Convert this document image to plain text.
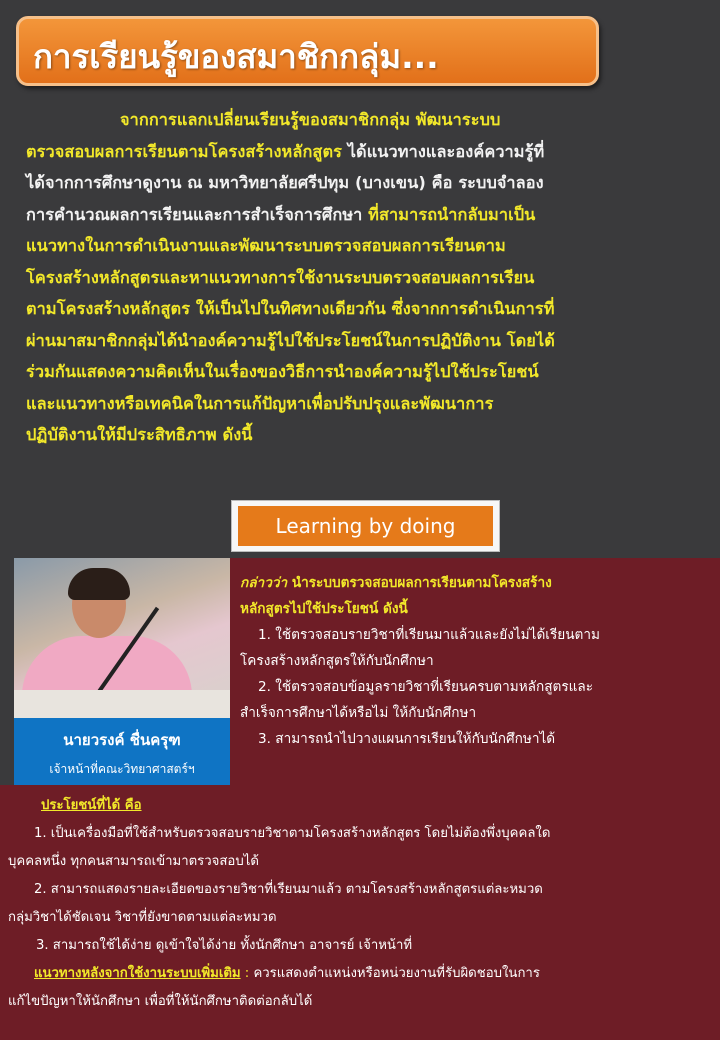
การเรียนรู้ของสมาชิกกลุ่ม...
จากการแลกเปลี่ยนเรียนรู้ของสมาชิกกลุ่ม พัฒนาระบบ
ตรวจสอบผลการเรียนตามโครงสร้างหลักสูตร ได้แนวทางและองค์ความรู้ที่
ได้จากการศึกษาดูงาน ณ มหาวิทยาลัยศรีปทุม (บางเขน) คือ ระบบจำลอง
การคำนวณผลการเรียนและการสำเร็จการศึกษา ที่สามารถนำกลับมาเป็น
แนวทางในการดำเนินงานและพัฒนาระบบตรวจสอบผลการเรียนตาม
โครงสร้างหลักสูตรและหาแนวทางการใช้งานระบบตรวจสอบผลการเรียน
ตามโครงสร้างหลักสูตร ให้เป็นไปในทิศทางเดียวกัน ซึ่งจากการดำเนินการที่
ผ่านมาสมาชิกกลุ่มได้นำองค์ความรู้ไปใช้ประโยชน์ในการปฏิบัติงาน โดยได้
ร่วมกันแสดงความคิดเห็นในเรื่องของวิธีการนำองค์ความรู้ไปใช้ประโยชน์
และแนวทางหรือเทคนิคในการแก้ปัญหาเพื่อปรับปรุงและพัฒนาการ
ปฏิบัติงานให้มีประสิทธิภาพ ดังนี้
Learning by doing
นายวรงค์ ชื่นครุฑ
เจ้าหน้าที่คณะวิทยาศาสตร์ฯ
กล่าวว่า นำระบบตรวจสอบผลการเรียนตามโครงสร้าง
หลักสูตรไปใช้ประโยชน์ ดังนี้
1. ใช้ตรวจสอบรายวิชาที่เรียนมาแล้วและยังไม่ได้เรียนตาม
โครงสร้างหลักสูตรให้กับนักศึกษา
2. ใช้ตรวจสอบข้อมูลรายวิชาที่เรียนครบตามหลักสูตรและ
สำเร็จการศึกษาได้หรือไม่ ให้กับนักศึกษา
3. สามารถนำไปวางแผนการเรียนให้กับนักศึกษาได้
ประโยชน์ที่ได้ คือ
1. เป็นเครื่องมือที่ใช้สำหรับตรวจสอบรายวิชาตามโครงสร้างหลักสูตร โดยไม่ต้องพึ่งบุคคลใด
บุคคลหนึ่ง ทุกคนสามารถเข้ามาตรวจสอบได้
2. สามารถแสดงรายละเอียดของรายวิชาที่เรียนมาแล้ว ตามโครงสร้างหลักสูตรแต่ละหมวด
กลุ่มวิชาได้ชัดเจน วิชาที่ยังขาดตามแต่ละหมวด
3. สามารถใช้ได้ง่าย ดูเข้าใจได้ง่าย ทั้งนักศึกษา อาจารย์ เจ้าหน้าที่
แนวทางหลังจากใช้งานระบบเพิ่มเติม : ควรแสดงตำแหน่งหรือหน่วยงานที่รับผิดชอบในการ
แก้ไขปัญหาให้นักศึกษา เพื่อที่ให้นักศึกษาติดต่อกลับได้
